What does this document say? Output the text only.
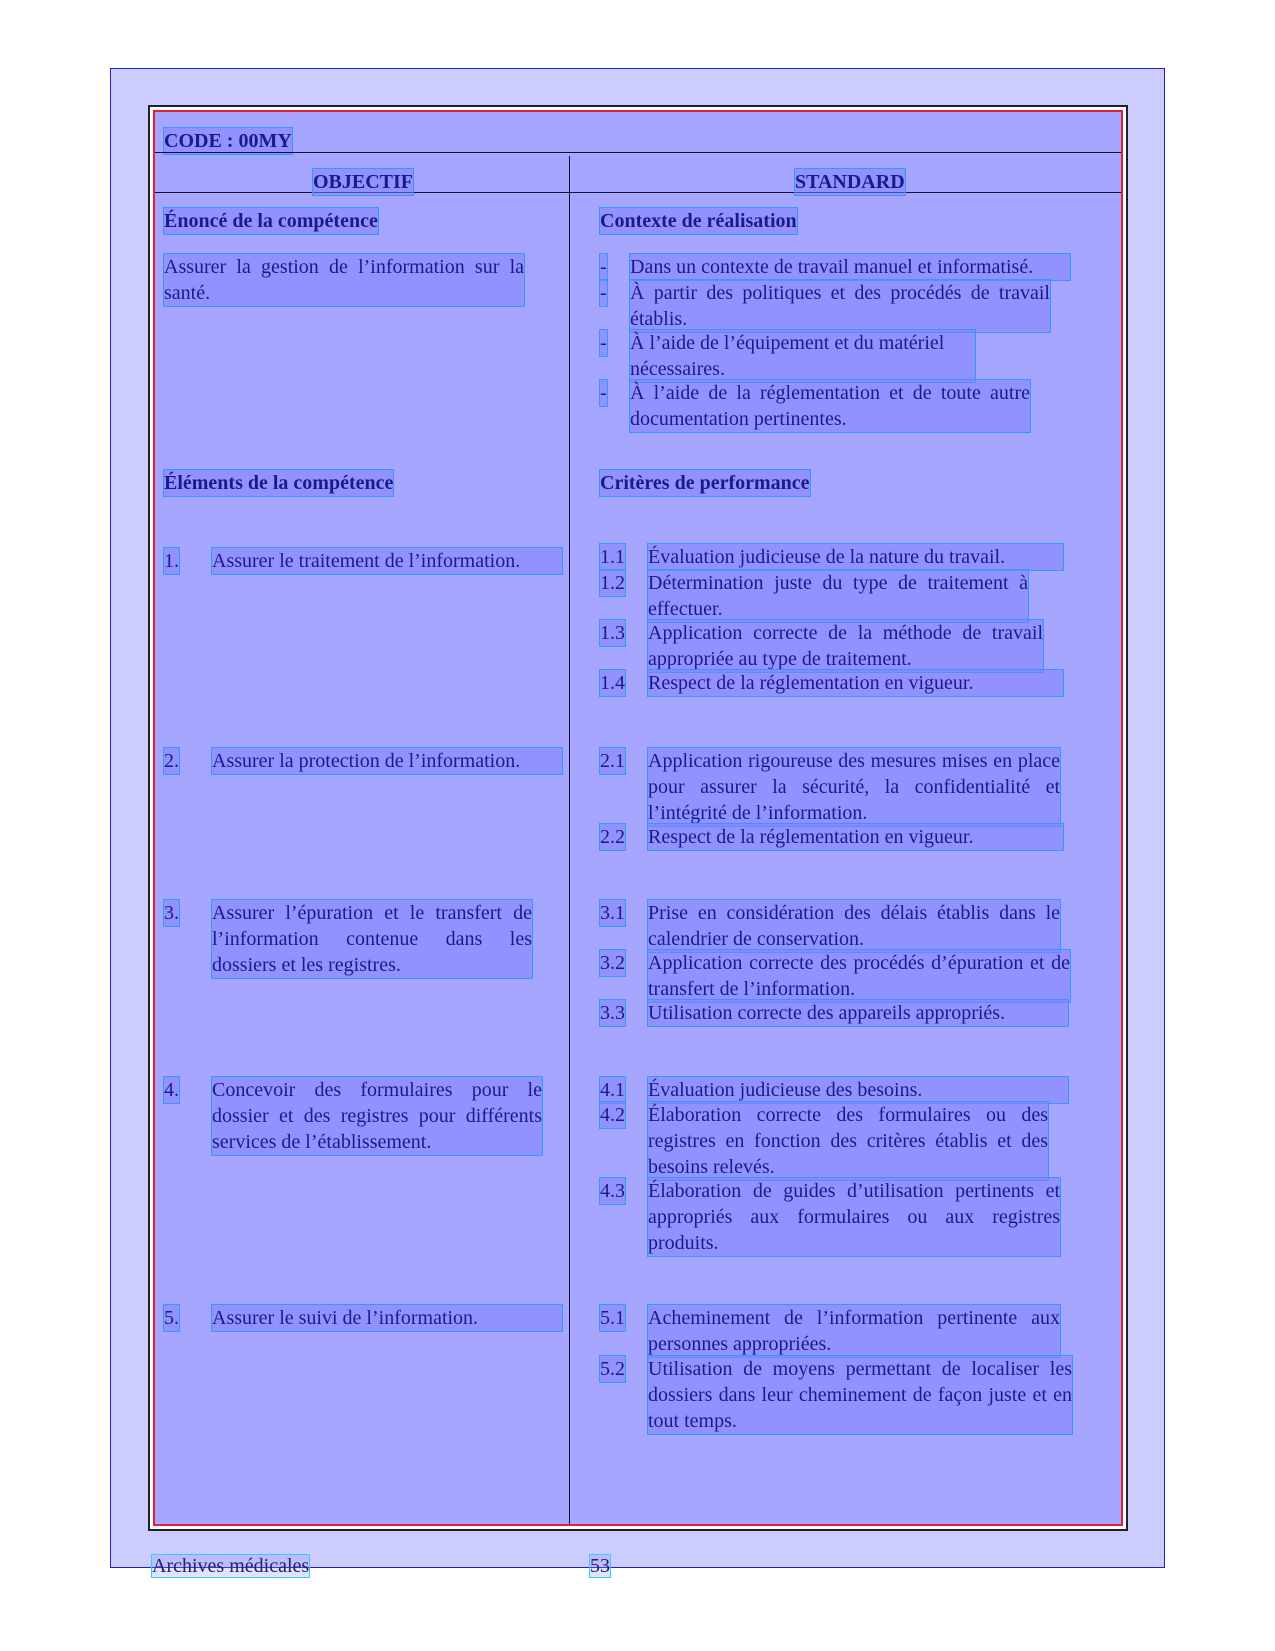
CODE : 00MY
OBJECTIF	STANDARD
Énoncé de la compétence
Assurer la gestion de l’information sur la santé.
Éléments de la compétence
1. Assurer le traitement de l’information.
2. Assurer la protection de l’information.
3. Assurer l’épuration et le transfert de l’information contenue dans les dossiers et les registres.
4. Concevoir des formulaires pour le dossier et des registres pour différents services de l’établissement.
5. Assurer le suivi de l’information.
Contexte de réalisation
- Dans un contexte de travail manuel et informatisé.
- À partir des politiques et des procédés de travail établis.
- À l’aide de l’équipement et du matériel nécessaires.
- À l’aide de la réglementation et de toute autre documentation pertinentes.
Critères de performance
1.1 Évaluation judicieuse de la nature du travail.
1.2 Détermination juste du type de traitement à effectuer.
1.3 Application correcte de la méthode de travail appropriée au type de traitement.
1.4 Respect de la réglementation en vigueur.
2.1 Application rigoureuse des mesures mises en place pour assurer la sécurité, la confidentialité et l’intégrité de l’information.
2.2 Respect de la réglementation en vigueur.
3.1 Prise en considération des délais établis dans le calendrier de conservation.
3.2 Application correcte des procédés d’épuration et de transfert de l’information.
3.3 Utilisation correcte des appareils appropriés.
4.1 Évaluation judicieuse des besoins.
4.2 Élaboration correcte des formulaires ou des registres en fonction des critères établis et des besoins relevés.
4.3 Élaboration de guides d’utilisation pertinents et appropriés aux formulaires ou aux registres produits.
5.1 Acheminement de l’information pertinente aux personnes appropriées.
5.2 Utilisation de moyens permettant de localiser les dossiers dans leur cheminement de façon juste et en tout temps.
Archives médicales	53
